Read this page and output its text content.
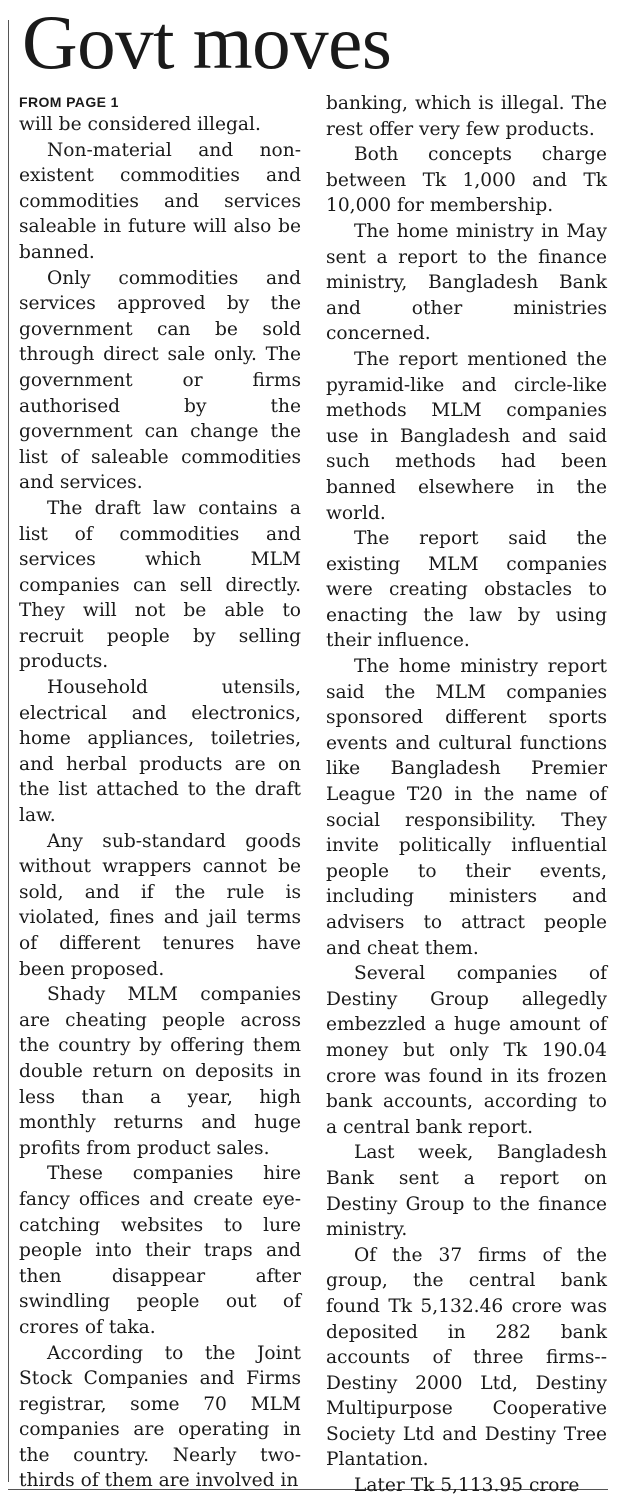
Govt moves
FROM PAGE 1

will be considered illegal.

Non-material and non-existent commodities and commodities and services saleable in future will also be banned.

Only commodities and services approved by the government can be sold through direct sale only. The government or firms authorised by the government can change the list of saleable commodities and services.

The draft law contains a list of commodities and services which MLM companies can sell directly. They will not be able to recruit people by selling products.

Household utensils, electrical and electronics, home appliances, toiletries, and herbal products are on the list attached to the draft law.

Any sub-standard goods without wrappers cannot be sold, and if the rule is violated, fines and jail terms of different tenures have been proposed.

Shady MLM companies are cheating people across the country by offering them double return on deposits in less than a year, high monthly returns and huge profits from product sales.

These companies hire fancy offices and create eye-catching websites to lure people into their traps and then disappear after swindling people out of crores of taka.

According to the Joint Stock Companies and Firms registrar, some 70 MLM companies are operating in the country. Nearly two-thirds of them are involved in

banking, which is illegal. The rest offer very few products.

Both concepts charge between Tk 1,000 and Tk 10,000 for membership.

The home ministry in May sent a report to the finance ministry, Bangladesh Bank and other ministries concerned.

The report mentioned the pyramid-like and circle-like methods MLM companies use in Bangladesh and said such methods had been banned elsewhere in the world.

The report said the existing MLM companies were creating obstacles to enacting the law by using their influence.

The home ministry report said the MLM companies sponsored different sports events and cultural functions like Bangladesh Premier League T20 in the name of social responsibility. They invite politically influential people to their events, including ministers and advisers to attract people and cheat them.

Several companies of Destiny Group allegedly embezzled a huge amount of money but only Tk 190.04 crore was found in its frozen bank accounts, according to a central bank report.

Last week, Bangladesh Bank sent a report on Destiny Group to the finance ministry.

Of the 37 firms of the group, the central bank found Tk 5,132.46 crore was deposited in 282 bank accounts of three firms--Destiny 2000 Ltd, Destiny Multipurpose Cooperative Society Ltd and Destiny Tree Plantation.

Later Tk 5,113.95 crore
